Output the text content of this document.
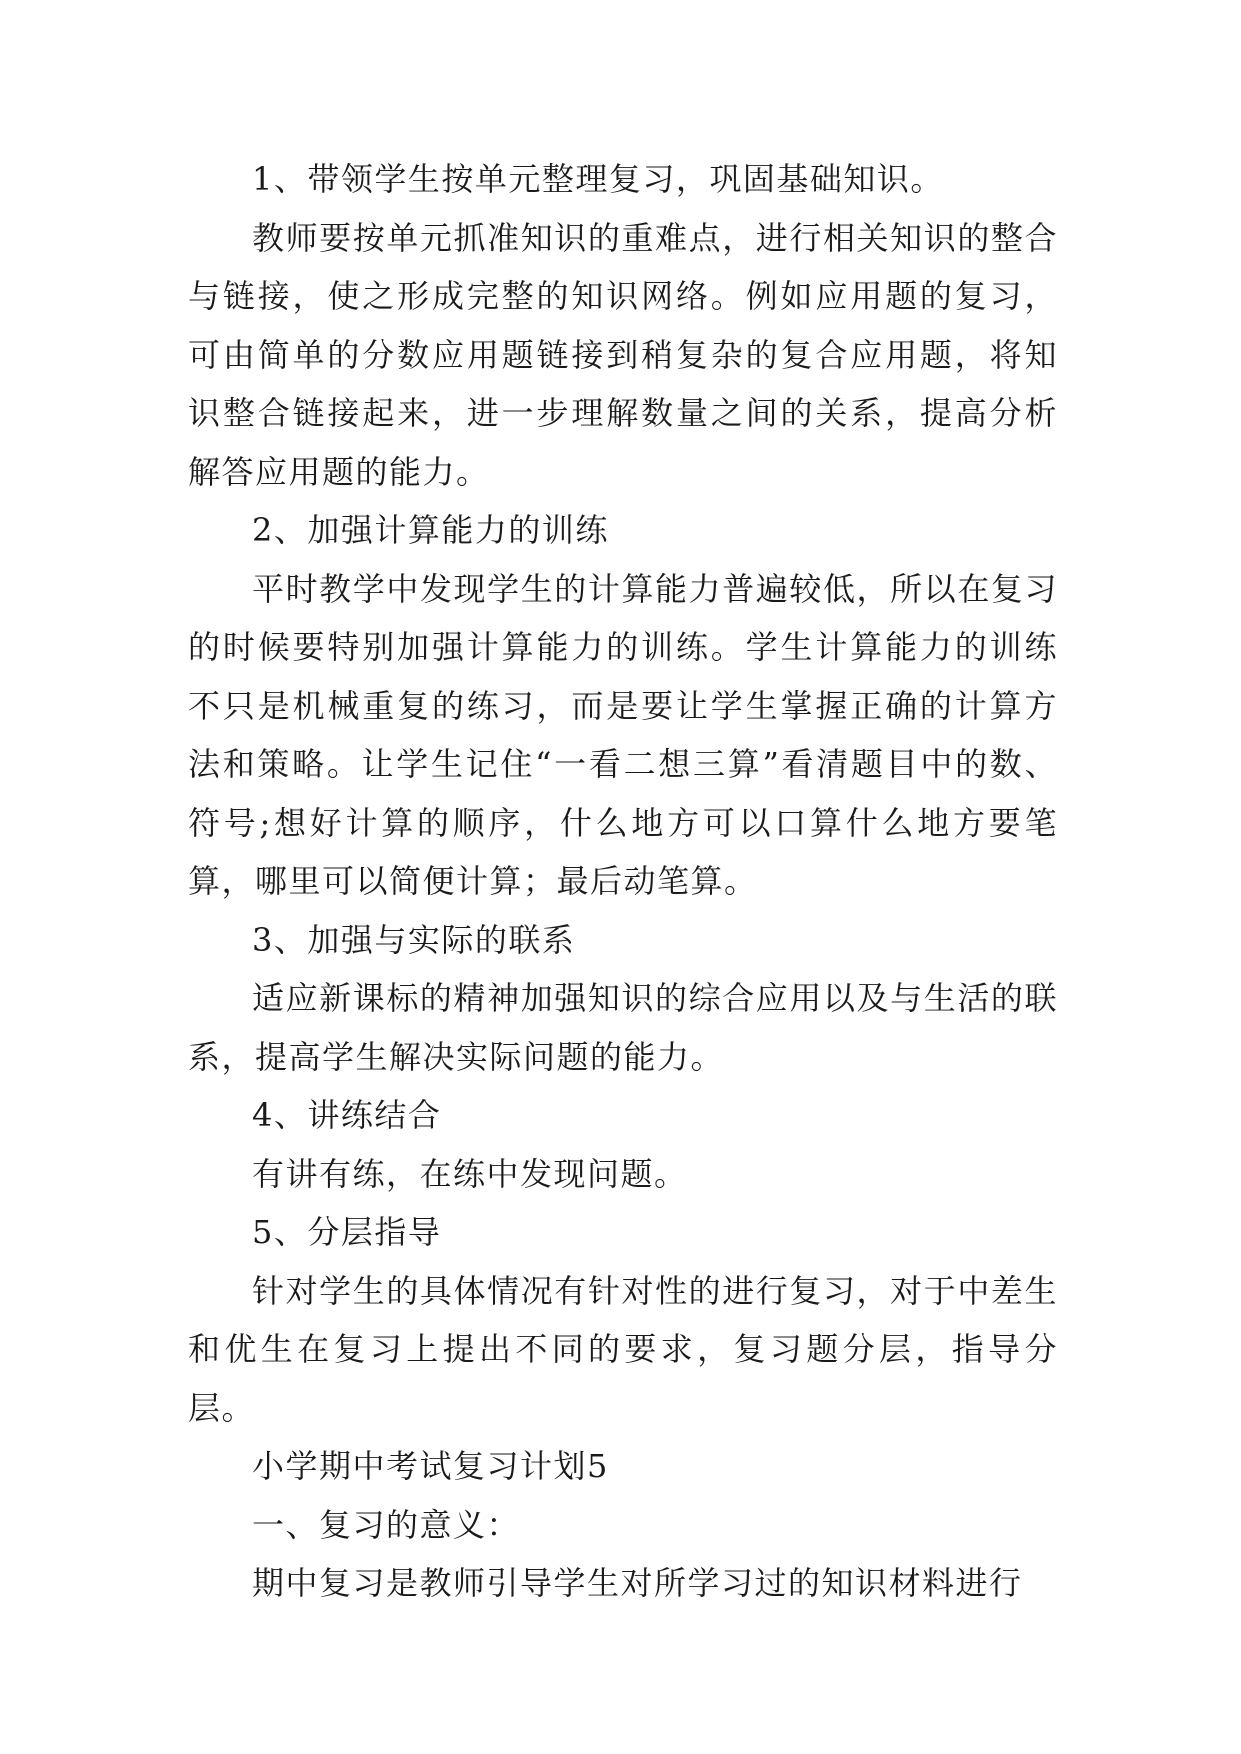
1、带领学生按单元整理复习，巩固基础知识。

教师要按单元抓准知识的重难点，进行相关知识的整合与链接，使之形成完整的知识网络。例如应用题的复习，可由简单的分数应用题链接到稍复杂的复合应用题，将知识整合链接起来，进一步理解数量之间的关系，提高分析解答应用题的能力。

2、加强计算能力的训练

平时教学中发现学生的计算能力普遍较低，所以在复习的时候要特别加强计算能力的训练。学生计算能力的训练不只是机械重复的练习，而是要让学生掌握正确的计算方法和策略。让学生记住“一看二想三算”看清题目中的数、符号;想好计算的顺序，什么地方可以口算什么地方要笔算，哪里可以简便计算；最后动笔算。

3、加强与实际的联系

适应新课标的精神加强知识的综合应用以及与生活的联系，提高学生解决实际问题的能力。

4、讲练结合

有讲有练，在练中发现问题。

5、分层指导

针对学生的具体情况有针对性的进行复习，对于中差生和优生在复习上提出不同的要求，复习题分层，指导分层。

小学期中考试复习计划5

一、复习的意义：

期中复习是教师引导学生对所学习过的知识材料进行
